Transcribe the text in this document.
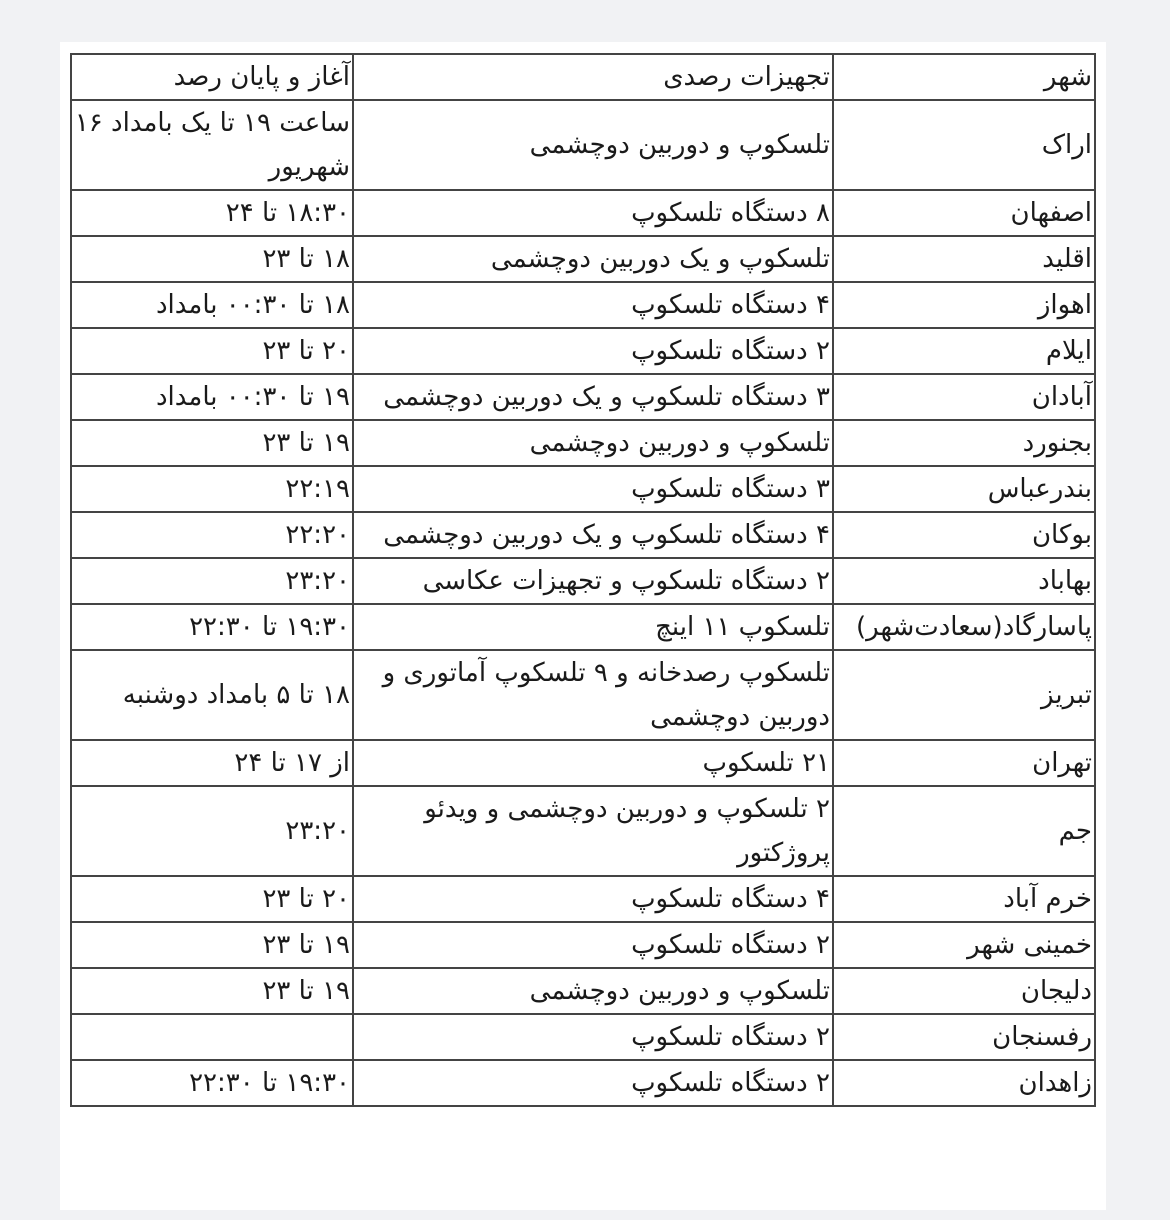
شهر	تجهیزات رصدی	آغاز و پایان رصد
اراک	تلسکوپ و دوربین دوچشمی	ساعت ۱۹ تا یک بامداد ۱۶ شهریور
اصفهان	۸ دستگاه تلسکوپ	۱۸:۳۰ تا ۲۴
اقلید	تلسکوپ و یک دوربین دوچشمی	۱۸ تا ۲۳
اهواز	۴ دستگاه تلسکوپ	۱۸ تا ۰۰:۳۰ بامداد
ایلام	۲ دستگاه تلسکوپ	۲۰ تا ۲۳
آبادان	۳ دستگاه تلسکوپ و یک دوربین دوچشمی	۱۹ تا ۰۰:۳۰ بامداد
بجنورد	تلسکوپ و دوربین دوچشمی	۱۹ تا ۲۳
بندرعباس	۳ دستگاه تلسکوپ	۲۲:۱۹
بوکان	۴ دستگاه تلسکوپ و یک دوربین دوچشمی	۲۲:۲۰
بهاباد	۲ دستگاه تلسکوپ و تجهیزات عکاسی	۲۳:۲۰
پاسارگاد(سعادت‌شهر)	تلسکوپ ۱۱ اینچ	۱۹:۳۰ تا ۲۲:۳۰
تبریز	تلسکوپ رصدخانه و ۹ تلسکوپ آماتوری و دوربین دوچشمی	۱۸ تا ۵ بامداد دوشنبه
تهران	۲۱ تلسکوپ	از ۱۷ تا ۲۴
جم	۲ تلسکوپ و دوربین دوچشمی و ویدئو پروژکتور	۲۳:۲۰
خرم آباد	۴ دستگاه تلسکوپ	۲۰ تا ۲۳
خمینی شهر	۲ دستگاه تلسکوپ	۱۹ تا ۲۳
دلیجان	تلسکوپ و دوربین دوچشمی	۱۹ تا ۲۳
رفسنجان	۲ دستگاه تلسکوپ	
زاهدان	۲ دستگاه تلسکوپ	۱۹:۳۰ تا ۲۲:۳۰
